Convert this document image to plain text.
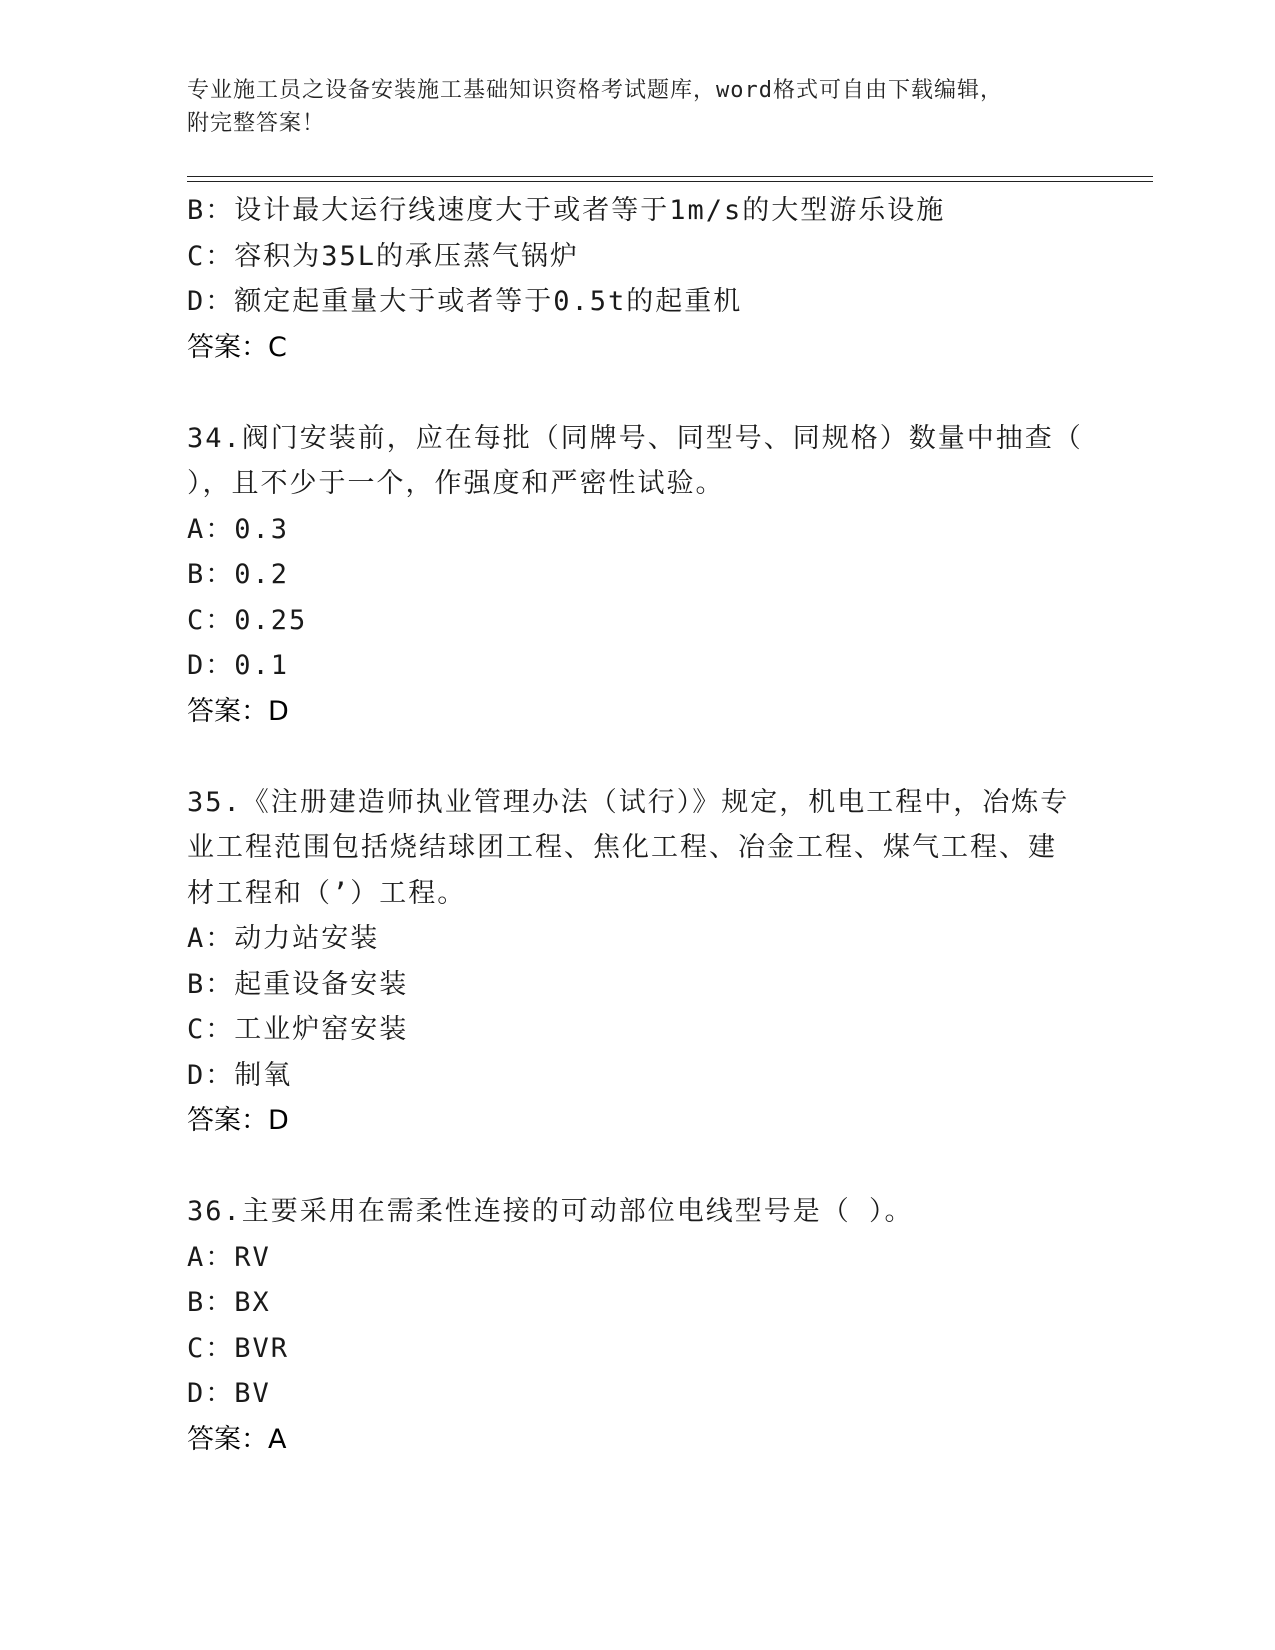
专业施工员之设备安装施工基础知识资格考试题库，word格式可自由下载编辑，
附完整答案！
B：设计最大运行线速度大于或者等于1m/s的大型游乐设施
C：容积为35L的承压蒸气锅炉
D：额定起重量大于或者等于0.5t的起重机
答案：C
34.阀门安装前，应在每批（同牌号、同型号、同规格）数量中抽查（
），且不少于一个，作强度和严密性试验。
A：0.3
B：0.2
C：0.25
D：0.1
答案：D
35.《注册建造师执业管理办法（试行）》规定，机电工程中，冶炼专
业工程范围包括烧结球团工程、焦化工程、冶金工程、煤气工程、建
材工程和（’）工程。
A：动力站安装
B：起重设备安装
C：工业炉窑安装
D：制氧
答案：D
36.主要采用在需柔性连接的可动部位电线型号是（ ）。
A：RV
B：BX
C：BVR
D：BV
答案：A
